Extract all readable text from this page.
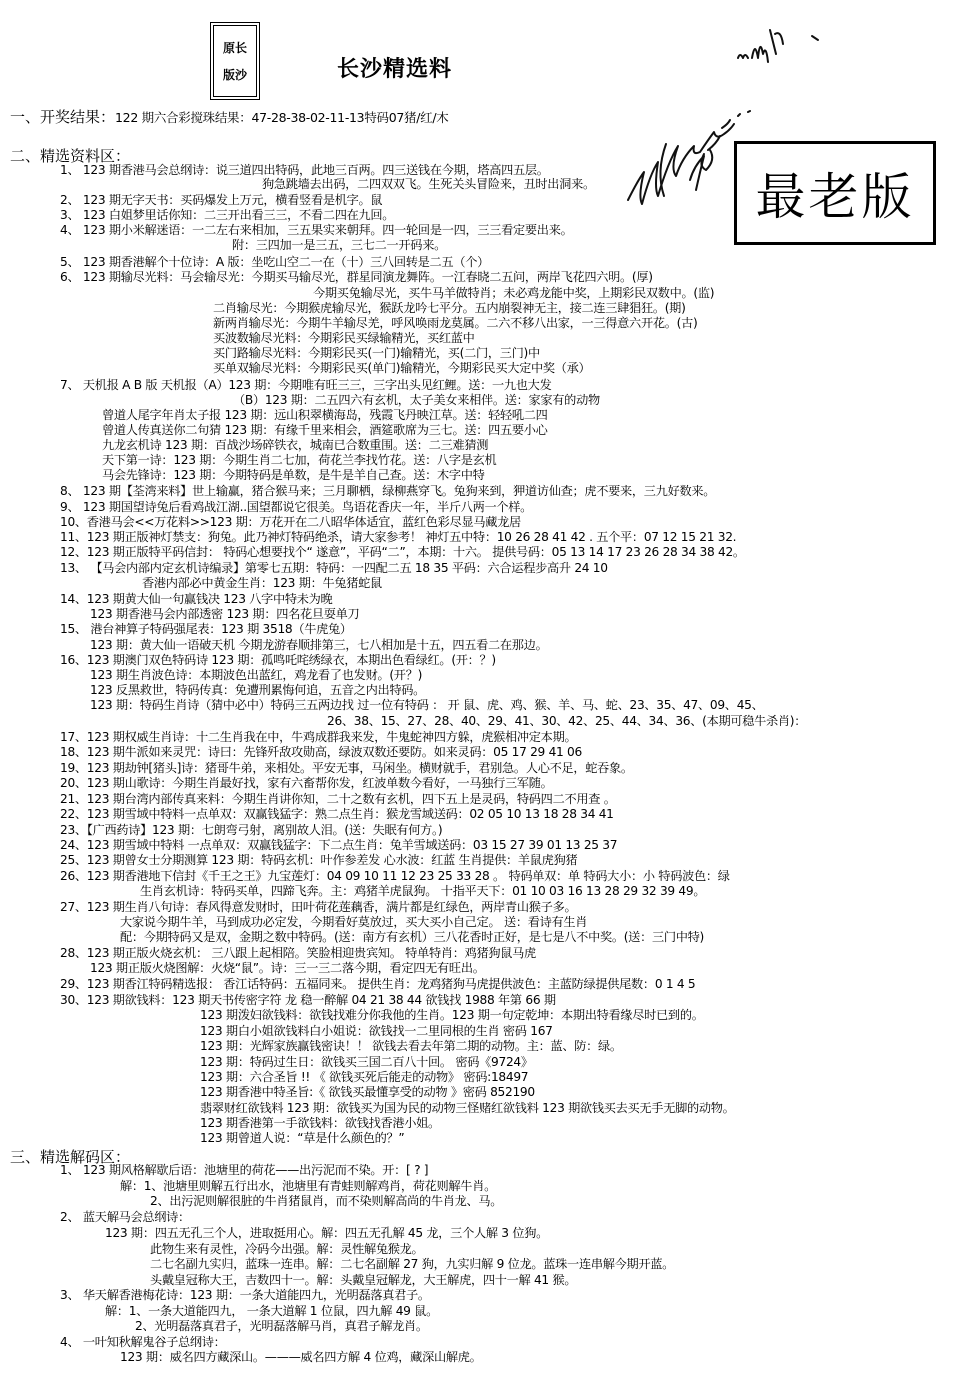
原长
版沙	长沙精选料
最老版
一、开奖结果：122 期六合彩搅珠结果：47-28-38-02-11-13特码07猪/红/木
二、精选资料区：
1、 123 期香港马会总纲诗：说三道四出特码，此地三百两。四三送钱在今期，塔高四五层。
狗急跳墙去出码，二四双双飞。生死关头冒险来，丑时出洞来。
2、 123 期无字天书：买码爆发上万元，横看竖看是机字。鼠
3、 123 白姐梦里话你知：二三开出看三三，不看二四在九回。
4、 123 期小米解迷语：一二左右来相加，三五果实来朝拜。四一轮回是一四，三三看定要出来。
附：三四加一是三五，三七二一开码来。
5、 123 期香港解个十位诗：A 版：坐吃山空二一在（十）三八回转是二五（个）
6、 123 期输尽光料：马会输尽光：今期买马输尽光，群星同演龙舞阵。一江春晓二五问，两岸飞花四六明。(厚)
今期买兔输尽光，买牛马羊做特肖；未必鸡龙能中奖，上期彩民双数中。(监)
二肖输尽光：今期猴虎输尽光，猴跃龙吟七平分。五内崩裂神无主，接二连三肆猖狂。(期)
新两肖输尽光：今期牛羊输尽羌，呼风唤雨龙莫属。二六不移八出家，一三得意六开花。(古)
买波数输尽光料：今期彩民买绿输精光，买红蓝中
买门路输尽光料：今期彩民买(一门)输精光，买(二门，三门)中
买单双输尽光料：今期彩民买(单门)输精光，今期彩民买大定中奖（承）
7、 天机报 A B 版 天机报（A）123 期：今期唯有旺三三，三字出头见红鲤。送：一九也大发
（B）123 期：二五四六有玄机，太子美女来相伴。送：家家有的动物
曾道人尾字年肖太子报 123 期：远山积翠横海岛，残霞飞丹映江草。送：轻轻吼二四
曾道人传真送你二句猜 123 期：有缘千里来相会，酒筵歌席为三七。送：四五要小心
九龙玄机诗 123 期：百战沙场碎铁衣，城南已合数重围。送：二三难猜测
天下第一诗：123 期：今期生肖二七加，荷花兰李找竹花。送：八字是玄机
马会先锋诗：123 期：今期特码是单数，是牛是羊自己查。送：木字中特
8、 123 期【荃湾来料】世上输赢，猪合猴马来；三月聊栖，绿柳燕穿飞。兔狗来到，狎道访仙查；虎不要来，三九好数来。
9、 123 期国望诗兔后看鸡战江湖..国望都说它很美。鸟语花香庆一年，半斤八两一个样。
10、香港马会<<万花料>>123 期：万花开在二八昭华体适宜，蓝红色彩尽显马藏龙居
11、123 期正版神灯禁支：狗兔。此乃神灯特码绝杀，请大家参考！ 神灯五中特：10 26 28 41 42 . 五个平：07 12 15 21 32.
12、123 期正版特平码信封： 特码心想要找个“ 遂意”，平码“二”，本期：十六。 提供号码：05 13 14 17 23 26 28 34 38 42。
13、 【马会内部内定玄机诗编录】第零七五期：特码：一四配二五 18 35 平码：六合运程步高升 24 10
香港内部必中黄金生肖：123 期：牛兔猪蛇鼠
14、123 期黄大仙一句赢钱决 123 八字中特未为晚
123 期香港马会内部透密 123 期：四名花旦耍单刀
15、 港台神算子特码强尾表：123 期 3518（牛虎兔）
123 期：黄大仙一语破天机 今期龙游春顺排第三，七八相加是十五，四五看二在那边。
16、123 期澳门双色特码诗 123 期：孤鸣吒咤绣绿衣，本期出色看绿红。(开：？)
123 期生肖波色诗：本期波色出蓝红，鸡龙看了也发财。(开？)
123 反黑救世，特码传真：免遭刑累悔何追，五音之内出特码。
123 期：特码生肖诗（猜中必中）特码三五两边找 过一位有特码 ： 开 鼠、虎、鸡、猴、羊、马、蛇、23、35、47、09、45、
26、38、15、27、28、40、29、41、30、42、25、44、34、36、(本期可稳牛杀肖)：
17、123 期权威生肖诗：十二生肖我在中，牛鸡成群我来发，牛鬼蛇神四方躲，虎猴相冲定本期。
18、123 期牛派如来灵咒：诗曰：先锋歼敌攻勋高，绿波双数还要防。如来灵码：05 17 29 41 06
19、123 期劫钟[猪头]诗：猪哥牛弟，来相处。平安无事，马闲坐。横财就手，君别急。人心不足，蛇吞象。
20、123 期山歌诗：今期生肖最好找，家有六畜帮你发，红波单数今看好，一马独行三军随。
21、123 期台湾内部传真来料：今期生肖讲你知，二十之数有玄机，四下五上是灵码，特码四二不用查 。
22、123 期雪域中特料一点单双：双赢钱猛字：熟二点生肖：猴龙雪域送码：02 05 10 13 18 28 34 41
23、【广西药诗】123 期：七朗弯弓射，离别故人泪。(送：失眠有何方。)
24、123 期雪域中特料 一点单双：双赢钱猛字：下二点生肖：兔羊雪域送码：03 15 27 39 01 13 25 37
25、123 期曾女士分期测算 123 期：特码玄机：叶作参差发 心水波：红蓝 生肖提供：羊鼠虎狗猪
26、123 期香港地下信封《千王之王》九宝莲灯：04 09 10 11 12 23 25 33 28 。 特码单双：单 特码大小：小 特码波色：绿
生肖玄机诗：特码买单，四蹄飞奔。主：鸡猪羊虎鼠狗。 十指平天下：01 10 03 16 13 28 29 32 39 49。
27、123 期生肖八句诗：春风得意发财时，田叶荷花莲藕香，满片都是红绿色，两岸青山猴子多。
大家说今期牛羊，马到成功必定发，今期看好莫放过，买大买小自己定。 送：看诗有生肖
配：今期特码又是双，金期之数中特码。(送：南方有玄机）三八花香时正好，是七是八不中奖。(送：三门中特)
28、123 期正版火烧玄机： 三八跟上起相陪。笑脸相迎贵宾知。 特单特肖：鸡猪狗鼠马虎
123 期正版火烧图解：火烧“鼠”。诗：三一三二落今期，看定四无有旺出。
29、123 期香江特码精选报： 香江话特码：五福同来。 提供生肖：龙鸡猪狗马虎提供波色：主蓝防绿提供尾数：0 1 4 5
30、123 期欲钱料：123 期天书传密字符 龙 稳一醉解 04 21 38 44 欲钱找 1988 年第 66 期
123 期泼妇欲钱料：欲钱找难分你我他的生肖。123 期一句定乾坤：本期出特看缘尽时已到的。
123 期白小姐欲钱料白小姐说：欲钱找一二里同根的生肖 密码 167
123 期：光辉家族赢钱密诀！！ 欲钱去看去年第二期的动物。主：蓝、防：绿。
123 期：特码过生日：欲钱买三国二百八十回。 密码《9724》
123 期：六合圣旨 !! 《 欲钱买死后能走的动物》 密码:18497
123 期香港中特圣旨:《 欲钱买最懂享受的动物 》密码 852190
翡翠财红欲钱料 123 期：欲钱买为国为民的动物三怪赌红欲钱料 123 期欲钱买去买无手无脚的动物。
123 期香港第一手欲钱料：欲钱找香港小姐。
123 期曾道人说：“草是什么颜色的？”
三、精选解码区：
1、 123 期风格解歇后语：池塘里的荷花——出污泥而不染。开：[ ? ]
解：1、池塘里则解五行出水，池塘里有青蛙则解鸡肖，荷花则解牛肖。
2、出污泥则解很脏的牛肖猪鼠肖，而不染则解高尚的牛肖龙、马。
2、 蓝天解马会总纲诗：
123 期：四五无孔三个人，进取挺用心。解：四五无孔解 45 龙，三个人解 3 位狗。
此物生来有灵性，冷码今出强。解：灵性解兔猴龙。
二七名副九实归，蓝珠一连串。解：二七名副解 27 狗，九实归解 9 位龙。蓝珠一连串解今期开蓝。
头戴皇冠称大王，吉数四十一。解：头戴皇冠解龙，大王解虎，四十一解 41 猴。
3、 华天解香港梅花诗：123 期：一条大道能四九，光明磊落真君子。
解：1、一条大道能四九， 一条大道解 1 位鼠，四九解 49 鼠。
2、光明磊落真君子，光明磊落解马肖，真君子解龙肖。
4、 一叶知秋解鬼谷子总纲诗：
123 期：威名四方藏深山。———威名四方解 4 位鸡，藏深山解虎。
